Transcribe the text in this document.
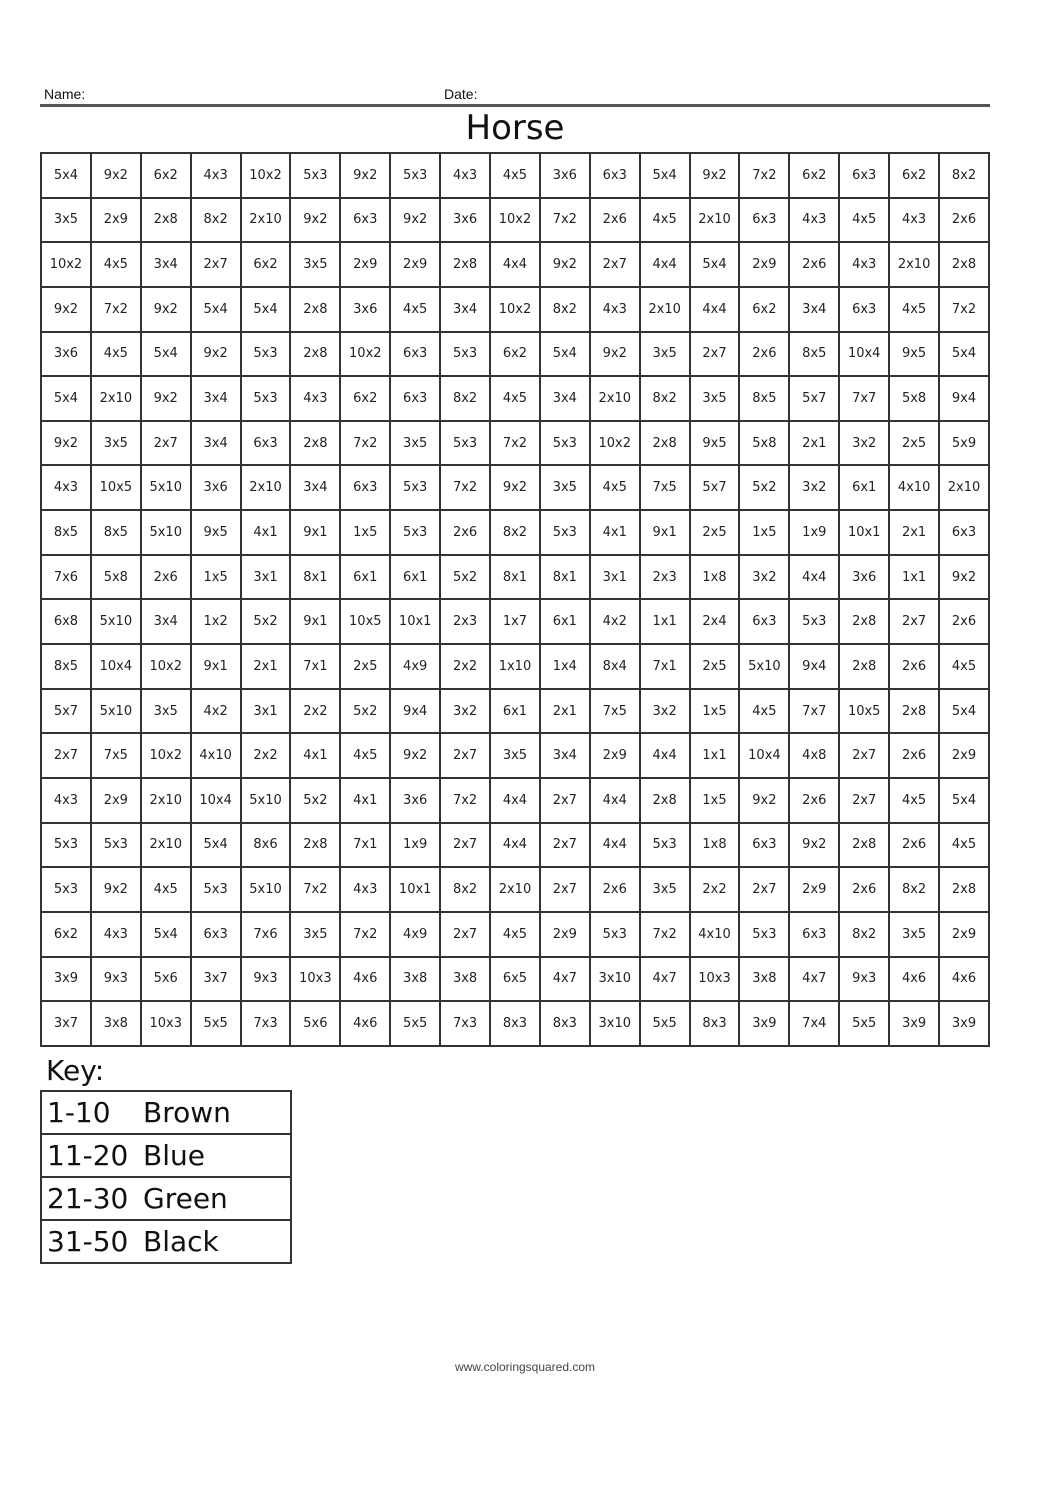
Name:	Date:
Horse
5x4	9x2	6x2	4x3	10x2	5x3	9x2	5x3	4x3	4x5	3x6	6x3	5x4	9x2	7x2	6x2	6x3	6x2	8x2
3x5	2x9	2x8	8x2	2x10	9x2	6x3	9x2	3x6	10x2	7x2	2x6	4x5	2x10	6x3	4x3	4x5	4x3	2x6
10x2	4x5	3x4	2x7	6x2	3x5	2x9	2x9	2x8	4x4	9x2	2x7	4x4	5x4	2x9	2x6	4x3	2x10	2x8
9x2	7x2	9x2	5x4	5x4	2x8	3x6	4x5	3x4	10x2	8x2	4x3	2x10	4x4	6x2	3x4	6x3	4x5	7x2
3x6	4x5	5x4	9x2	5x3	2x8	10x2	6x3	5x3	6x2	5x4	9x2	3x5	2x7	2x6	8x5	10x4	9x5	5x4
5x4	2x10	9x2	3x4	5x3	4x3	6x2	6x3	8x2	4x5	3x4	2x10	8x2	3x5	8x5	5x7	7x7	5x8	9x4
9x2	3x5	2x7	3x4	6x3	2x8	7x2	3x5	5x3	7x2	5x3	10x2	2x8	9x5	5x8	2x1	3x2	2x5	5x9
4x3	10x5	5x10	3x6	2x10	3x4	6x3	5x3	7x2	9x2	3x5	4x5	7x5	5x7	5x2	3x2	6x1	4x10	2x10
8x5	8x5	5x10	9x5	4x1	9x1	1x5	5x3	2x6	8x2	5x3	4x1	9x1	2x5	1x5	1x9	10x1	2x1	6x3
7x6	5x8	2x6	1x5	3x1	8x1	6x1	6x1	5x2	8x1	8x1	3x1	2x3	1x8	3x2	4x4	3x6	1x1	9x2
6x8	5x10	3x4	1x2	5x2	9x1	10x5	10x1	2x3	1x7	6x1	4x2	1x1	2x4	6x3	5x3	2x8	2x7	2x6
8x5	10x4	10x2	9x1	2x1	7x1	2x5	4x9	2x2	1x10	1x4	8x4	7x1	2x5	5x10	9x4	2x8	2x6	4x5
5x7	5x10	3x5	4x2	3x1	2x2	5x2	9x4	3x2	6x1	2x1	7x5	3x2	1x5	4x5	7x7	10x5	2x8	5x4
2x7	7x5	10x2	4x10	2x2	4x1	4x5	9x2	2x7	3x5	3x4	2x9	4x4	1x1	10x4	4x8	2x7	2x6	2x9
4x3	2x9	2x10	10x4	5x10	5x2	4x1	3x6	7x2	4x4	2x7	4x4	2x8	1x5	9x2	2x6	2x7	4x5	5x4
5x3	5x3	2x10	5x4	8x6	2x8	7x1	1x9	2x7	4x4	2x7	4x4	5x3	1x8	6x3	9x2	2x8	2x6	4x5
5x3	9x2	4x5	5x3	5x10	7x2	4x3	10x1	8x2	2x10	2x7	2x6	3x5	2x2	2x7	2x9	2x6	8x2	2x8
6x2	4x3	5x4	6x3	7x6	3x5	7x2	4x9	2x7	4x5	2x9	5x3	7x2	4x10	5x3	6x3	8x2	3x5	2x9
3x9	9x3	5x6	3x7	9x3	10x3	4x6	3x8	3x8	6x5	4x7	3x10	4x7	10x3	3x8	4x7	9x3	4x6	4x6
3x7	3x8	10x3	5x5	7x3	5x6	4x6	5x5	7x3	8x3	8x3	3x10	5x5	8x3	3x9	7x4	5x5	3x9	3x9
Key:
1-10 Brown
11-20 Blue
21-30 Green
31-50 Black
www.coloringsquared.com
